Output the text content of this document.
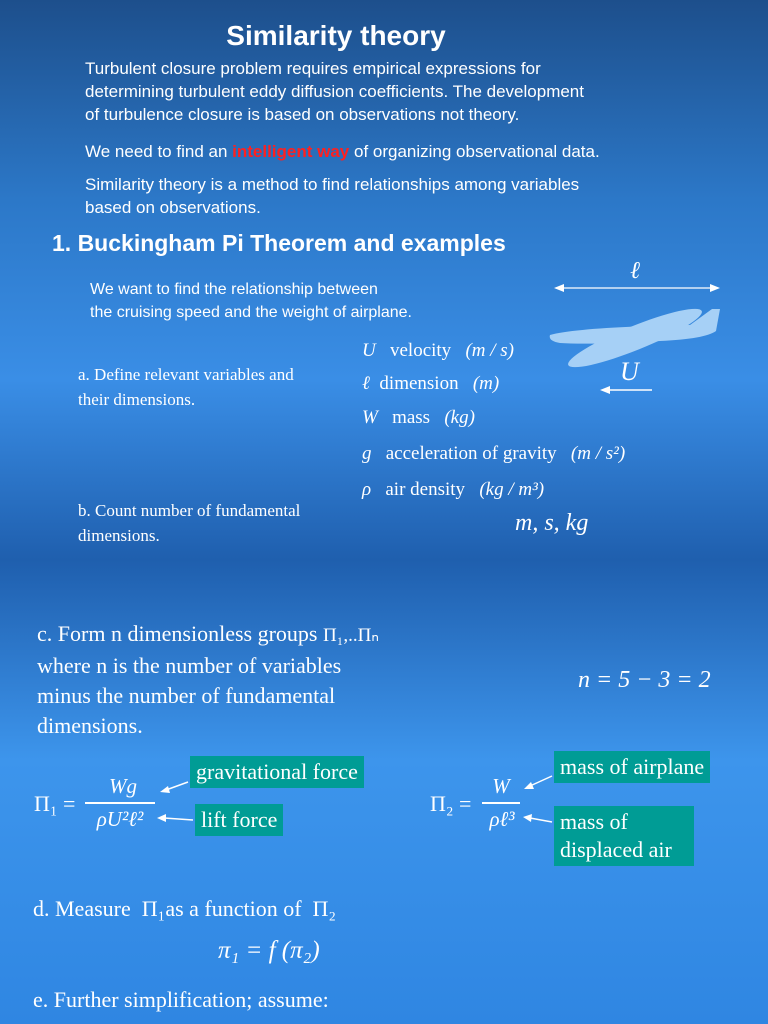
Similarity theory
Turbulent closure problem requires empirical expressions for
determining turbulent eddy diffusion coefficients. The development
of turbulence closure is based on observations not theory.
We need to find an intelligent way of organizing observational data.
Similarity theory is a method to find relationships among variables
based on observations.
1. Buckingham Pi Theorem and examples
We want to find the relationship between
the cruising speed and the weight of airplane.
ℓ
U
a. Define relevant variables and
their dimensions.
U velocity (m / s)
ℓ dimension (m)
W mass (kg)
g acceleration of gravity (m / s²)
ρ air density (kg / m³)
b. Count number of fundamental
dimensions.	m, s, kg
c. Form n dimensionless groups Π₁,..Πₙ
where n is the number of variables
minus the number of fundamental
dimensions.
n = 5 − 3 = 2
Π₁ =
Wg
ρU²ℓ²
Π₂ =
W
ρℓ³
gravitational force
lift force
mass of airplane
mass of
displaced air
d. Measure Π₁as a function of Π₂
π₁ = f (π₂)
e. Further simplification; assume:
